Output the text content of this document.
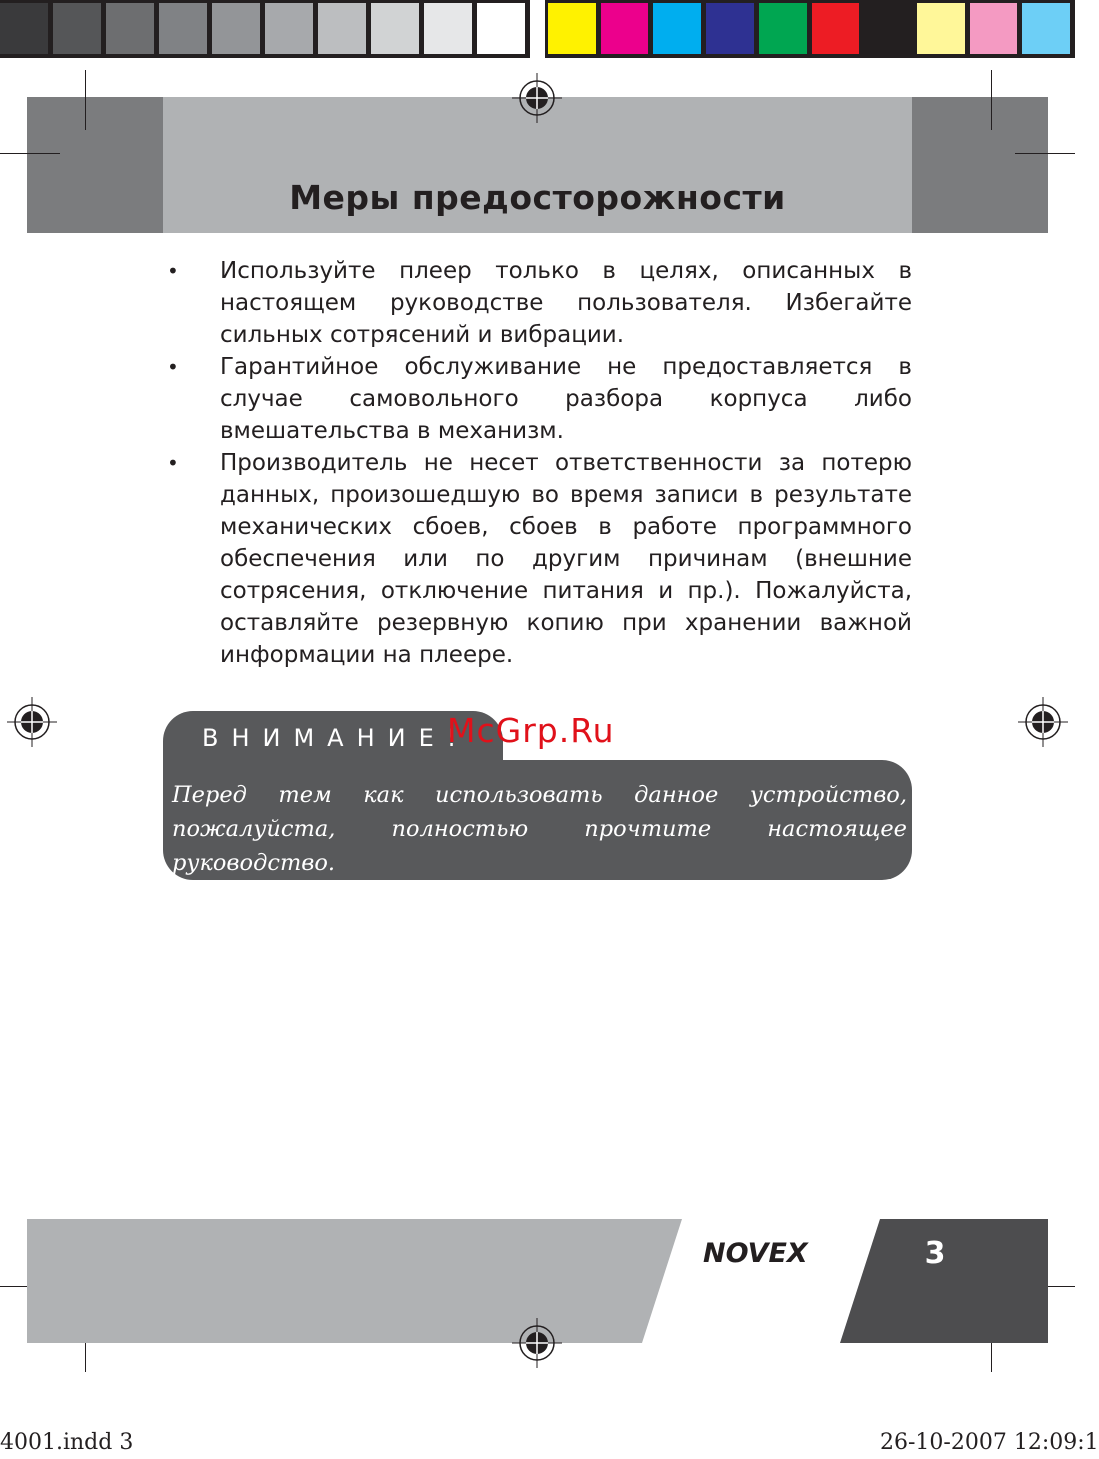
Меры предосторожности
• Используйте плеер только в целях, описанных в настоящем руководстве пользователя. Избегайте сильных сотрясений и вибрации.
• Гарантийное обслуживание не предоставляется в случае самовольного разбора корпуса либо вмешательства в механизм.
• Производитель не несет ответственности за потерю данных, произошедшую во время записи в результате механических сбоев, сбоев в работе программного обеспечения или по другим причинам (внешние сотрясения, отключение питания и пр.). Пожалуйста, оставляйте резервную копию при хранении важной информации на плеере.
ВНИМАНИЕ!
McGrp.Ru
Перед тем как использовать данное устройство, пожалуйста, полностью прочтите настоящее руководство.
NOVEX	3
4001.indd 3	26-10-2007 12:09:1
